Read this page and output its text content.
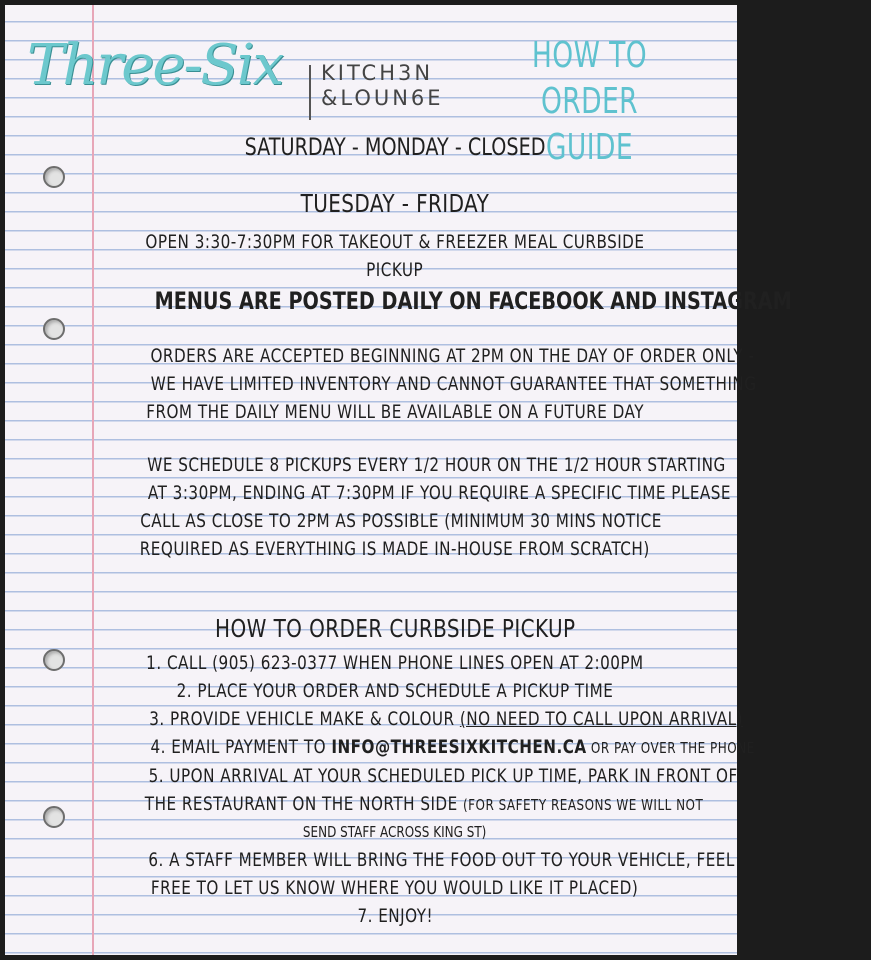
Three-Six KITCH3N
&LOUN6E
HOW TO
ORDER GUIDE
SATURDAY - MONDAY - CLOSED
TUESDAY - FRIDAY
OPEN 3:30-7:30PM FOR TAKEOUT & FREEZER MEAL CURBSIDE
PICKUP
MENUS ARE POSTED DAILY ON FACEBOOK AND INSTAGRAM
ORDERS ARE ACCEPTED BEGINNING AT 2PM ON THE DAY OF ORDER ONLY -
WE HAVE LIMITED INVENTORY AND CANNOT GUARANTEE THAT SOMETHING
FROM THE DAILY MENU WILL BE AVAILABLE ON A FUTURE DAY
WE SCHEDULE 8 PICKUPS EVERY 1/2 HOUR ON THE 1/2 HOUR STARTING
AT 3:30PM, ENDING AT 7:30PM IF YOU REQUIRE A SPECIFIC TIME PLEASE
CALL AS CLOSE TO 2PM AS POSSIBLE (MINIMUM 30 MINS NOTICE
REQUIRED AS EVERYTHING IS MADE IN-HOUSE FROM SCRATCH)
HOW TO ORDER CURBSIDE PICKUP
1. CALL (905) 623-0377 WHEN PHONE LINES OPEN AT 2:00PM
2. PLACE YOUR ORDER AND SCHEDULE A PICKUP TIME
3. PROVIDE VEHICLE MAKE & COLOUR (NO NEED TO CALL UPON ARRIVAL)
4. EMAIL PAYMENT TO INFO@THREESIXKITCHEN.CA OR PAY OVER THE PHONE
5. UPON ARRIVAL AT YOUR SCHEDULED PICK UP TIME, PARK IN FRONT OF
THE RESTAURANT ON THE NORTH SIDE (FOR SAFETY REASONS WE WILL NOT
SEND STAFF ACROSS KING ST)
6. A STAFF MEMBER WILL BRING THE FOOD OUT TO YOUR VEHICLE, FEEL
FREE TO LET US KNOW WHERE YOU WOULD LIKE IT PLACED)
7. ENJOY!
